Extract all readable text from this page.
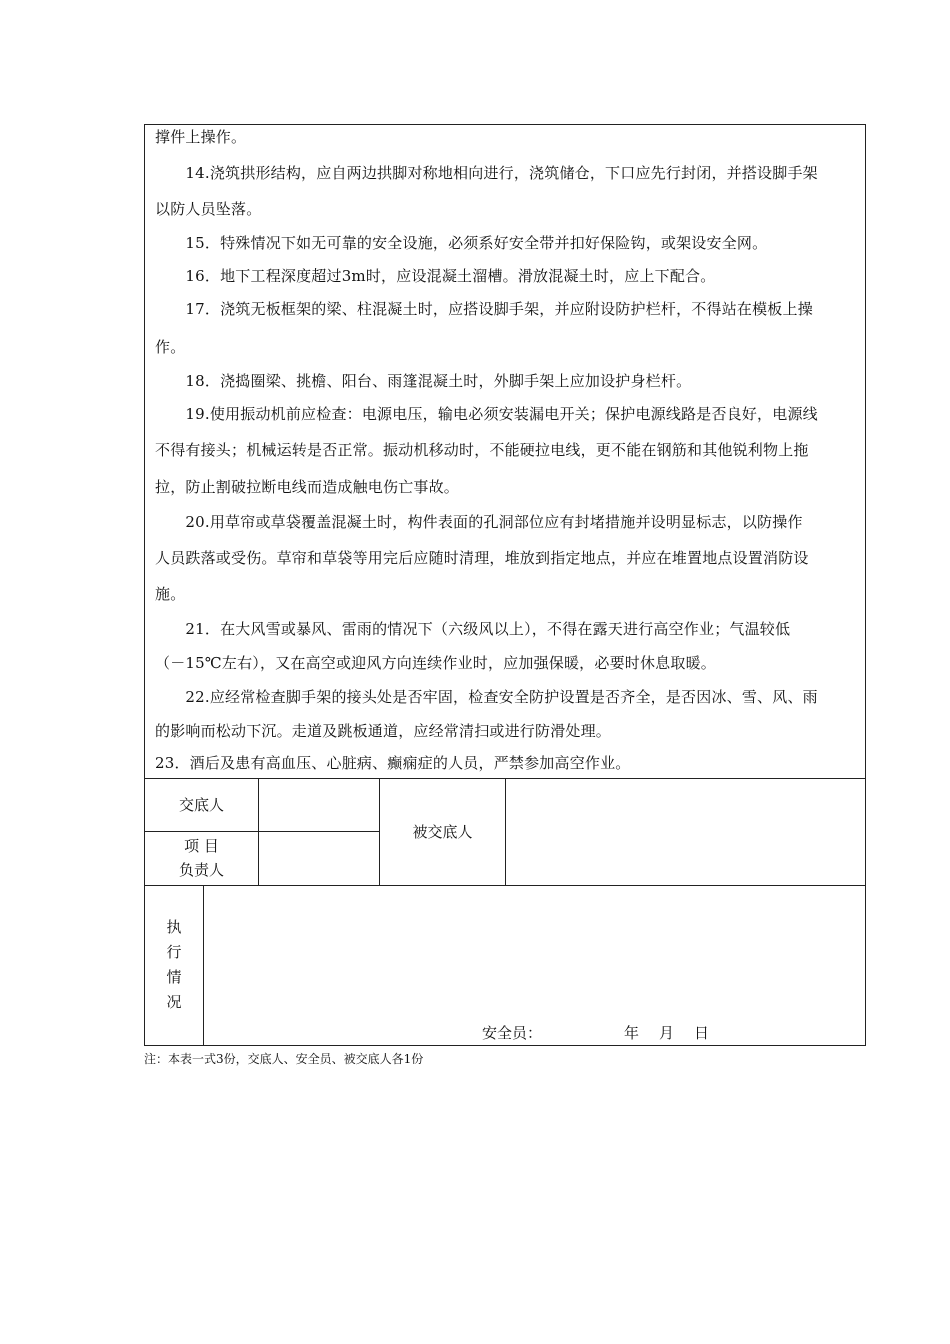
撑件上操作。

　　14.浇筑拱形结构，应自两边拱脚对称地相向进行，浇筑储仓，下口应先行封闭，并搭设脚手架

以防人员坠落。

　　15．特殊情况下如无可靠的安全设施，必须系好安全带并扣好保险钩，或架设安全网。

　　16．地下工程深度超过3m时，应设混凝土溜槽。滑放混凝土时，应上下配合。

　　17．浇筑无板框架的梁、柱混凝土时，应搭设脚手架，并应附设防护栏杆，不得站在模板上操

作。

　　18．浇捣圈梁、挑檐、阳台、雨篷混凝土时，外脚手架上应加设护身栏杆。

　　19.使用振动机前应检查：电源电压，输电必须安装漏电开关；保护电源线路是否良好，电源线

不得有接头；机械运转是否正常。振动机移动时，不能硬拉电线，更不能在钢筋和其他锐利物上拖

拉，防止割破拉断电线而造成触电伤亡事故。

　　20.用草帘或草袋覆盖混凝土时，构件表面的孔洞部位应有封堵措施并设明显标志，以防操作

人员跌落或受伤。草帘和草袋等用完后应随时清理，堆放到指定地点，并应在堆置地点设置消防设

施。

　　21．在大风雪或暴风、雷雨的情况下（六级风以上），不得在露天进行高空作业；气温较低

（－15℃左右），又在高空或迎风方向连续作业时，应加强保暖，必要时休息取暖。

　　22.应经常检查脚手架的接头处是否牢固，检查安全防护设置是否齐全，是否因冰、雪、风、雨

的影响而松动下沉。走道及跳板通道，应经常清扫或进行防滑处理。

23．酒后及患有高血压、心脏病、癫痫症的人员，严禁参加高空作业。

交底人
项 目
负责人
被交底人
执
行
情
况
安全员：	年 月 日
注：本表一式3份，交底人、安全员、被交底人各1份
